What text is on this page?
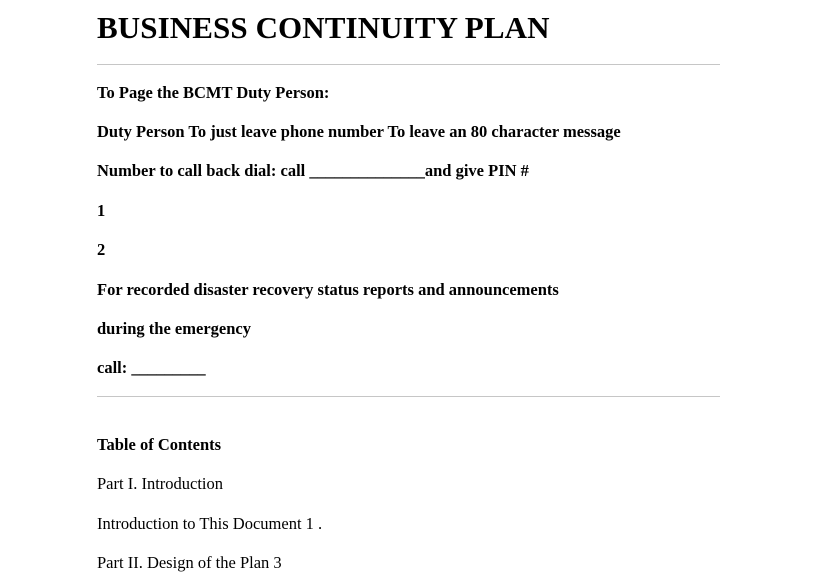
BUSINESS CONTINUITY PLAN

To Page the BCMT Duty Person:

Duty Person To just leave phone number To leave an 80 character message

Number to call back dial: call ______________and give PIN #

1

2

For recorded disaster recovery status reports and announcements

during the emergency

call: _________

Table of Contents

Part I. Introduction

Introduction to This Document 1 .

Part II. Design of the Plan 3
